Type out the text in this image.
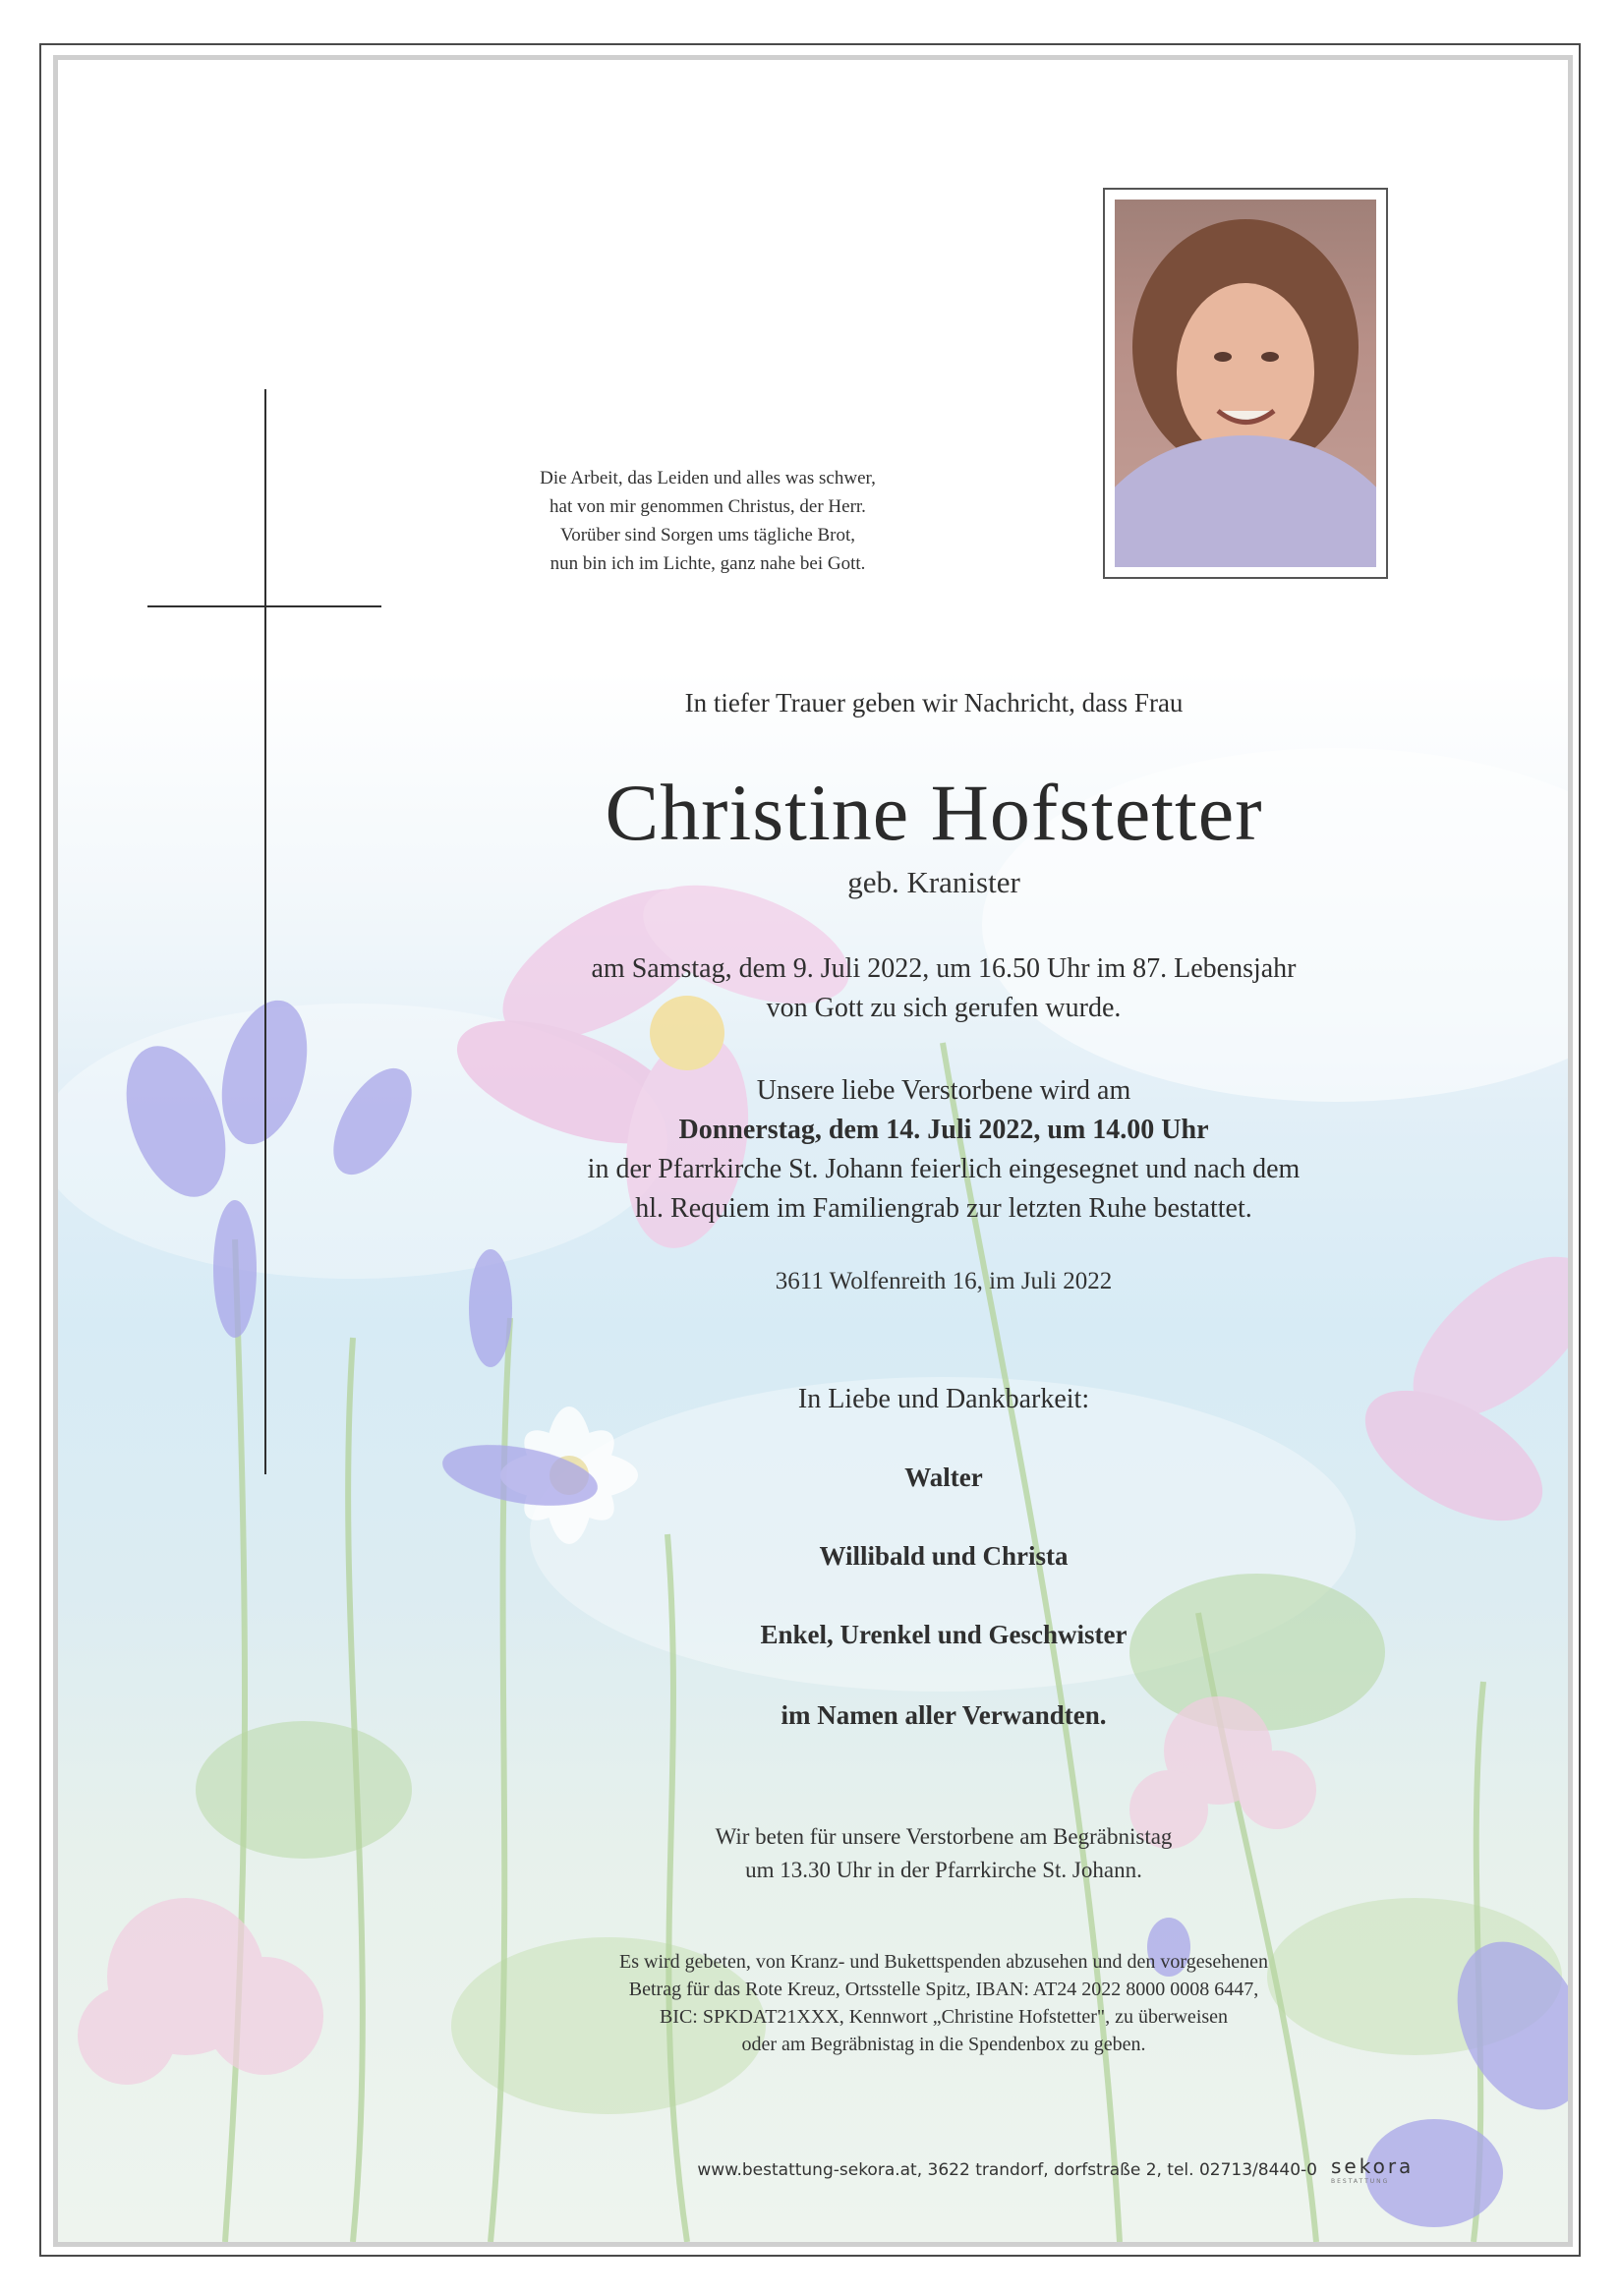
Die Arbeit, das Leiden und alles was schwer,
hat von mir genommen Christus, der Herr.
Vorüber sind Sorgen ums tägliche Brot,
nun bin ich im Lichte, ganz nahe bei Gott.
In tiefer Trauer geben wir Nachricht, dass Frau
Christine Hofstetter
geb. Kranister
am Samstag, dem 9. Juli 2022, um 16.50 Uhr im 87. Lebensjahr
von Gott zu sich gerufen wurde.
Unsere liebe Verstorbene wird am
Donnerstag, dem 14. Juli 2022, um 14.00 Uhr
in der Pfarrkirche St. Johann feierlich eingesegnet und nach dem
hl. Requiem im Familiengrab zur letzten Ruhe bestattet.
3611 Wolfenreith 16, im Juli 2022
In Liebe und Dankbarkeit:
Walter
Willibald und Christa
Enkel, Urenkel und Geschwister
im Namen aller Verwandten.
Wir beten für unsere Verstorbene am Begräbnistag
um 13.30 Uhr in der Pfarrkirche St. Johann.
Es wird gebeten, von Kranz- und Bukettspenden abzusehen und den vorgesehenen
Betrag für das Rote Kreuz, Ortsstelle Spitz, IBAN: AT24 2022 8000 0008 6447,
BIC: SPKDAT21XXX, Kennwort „Christine Hofstetter", zu überweisen
oder am Begräbnistag in die Spendenbox zu geben.
www.bestattung-sekora.at, 3622 trandorf, dorfstraße 2, tel. 02713/8440-0 sekora
BESTATTUNG
